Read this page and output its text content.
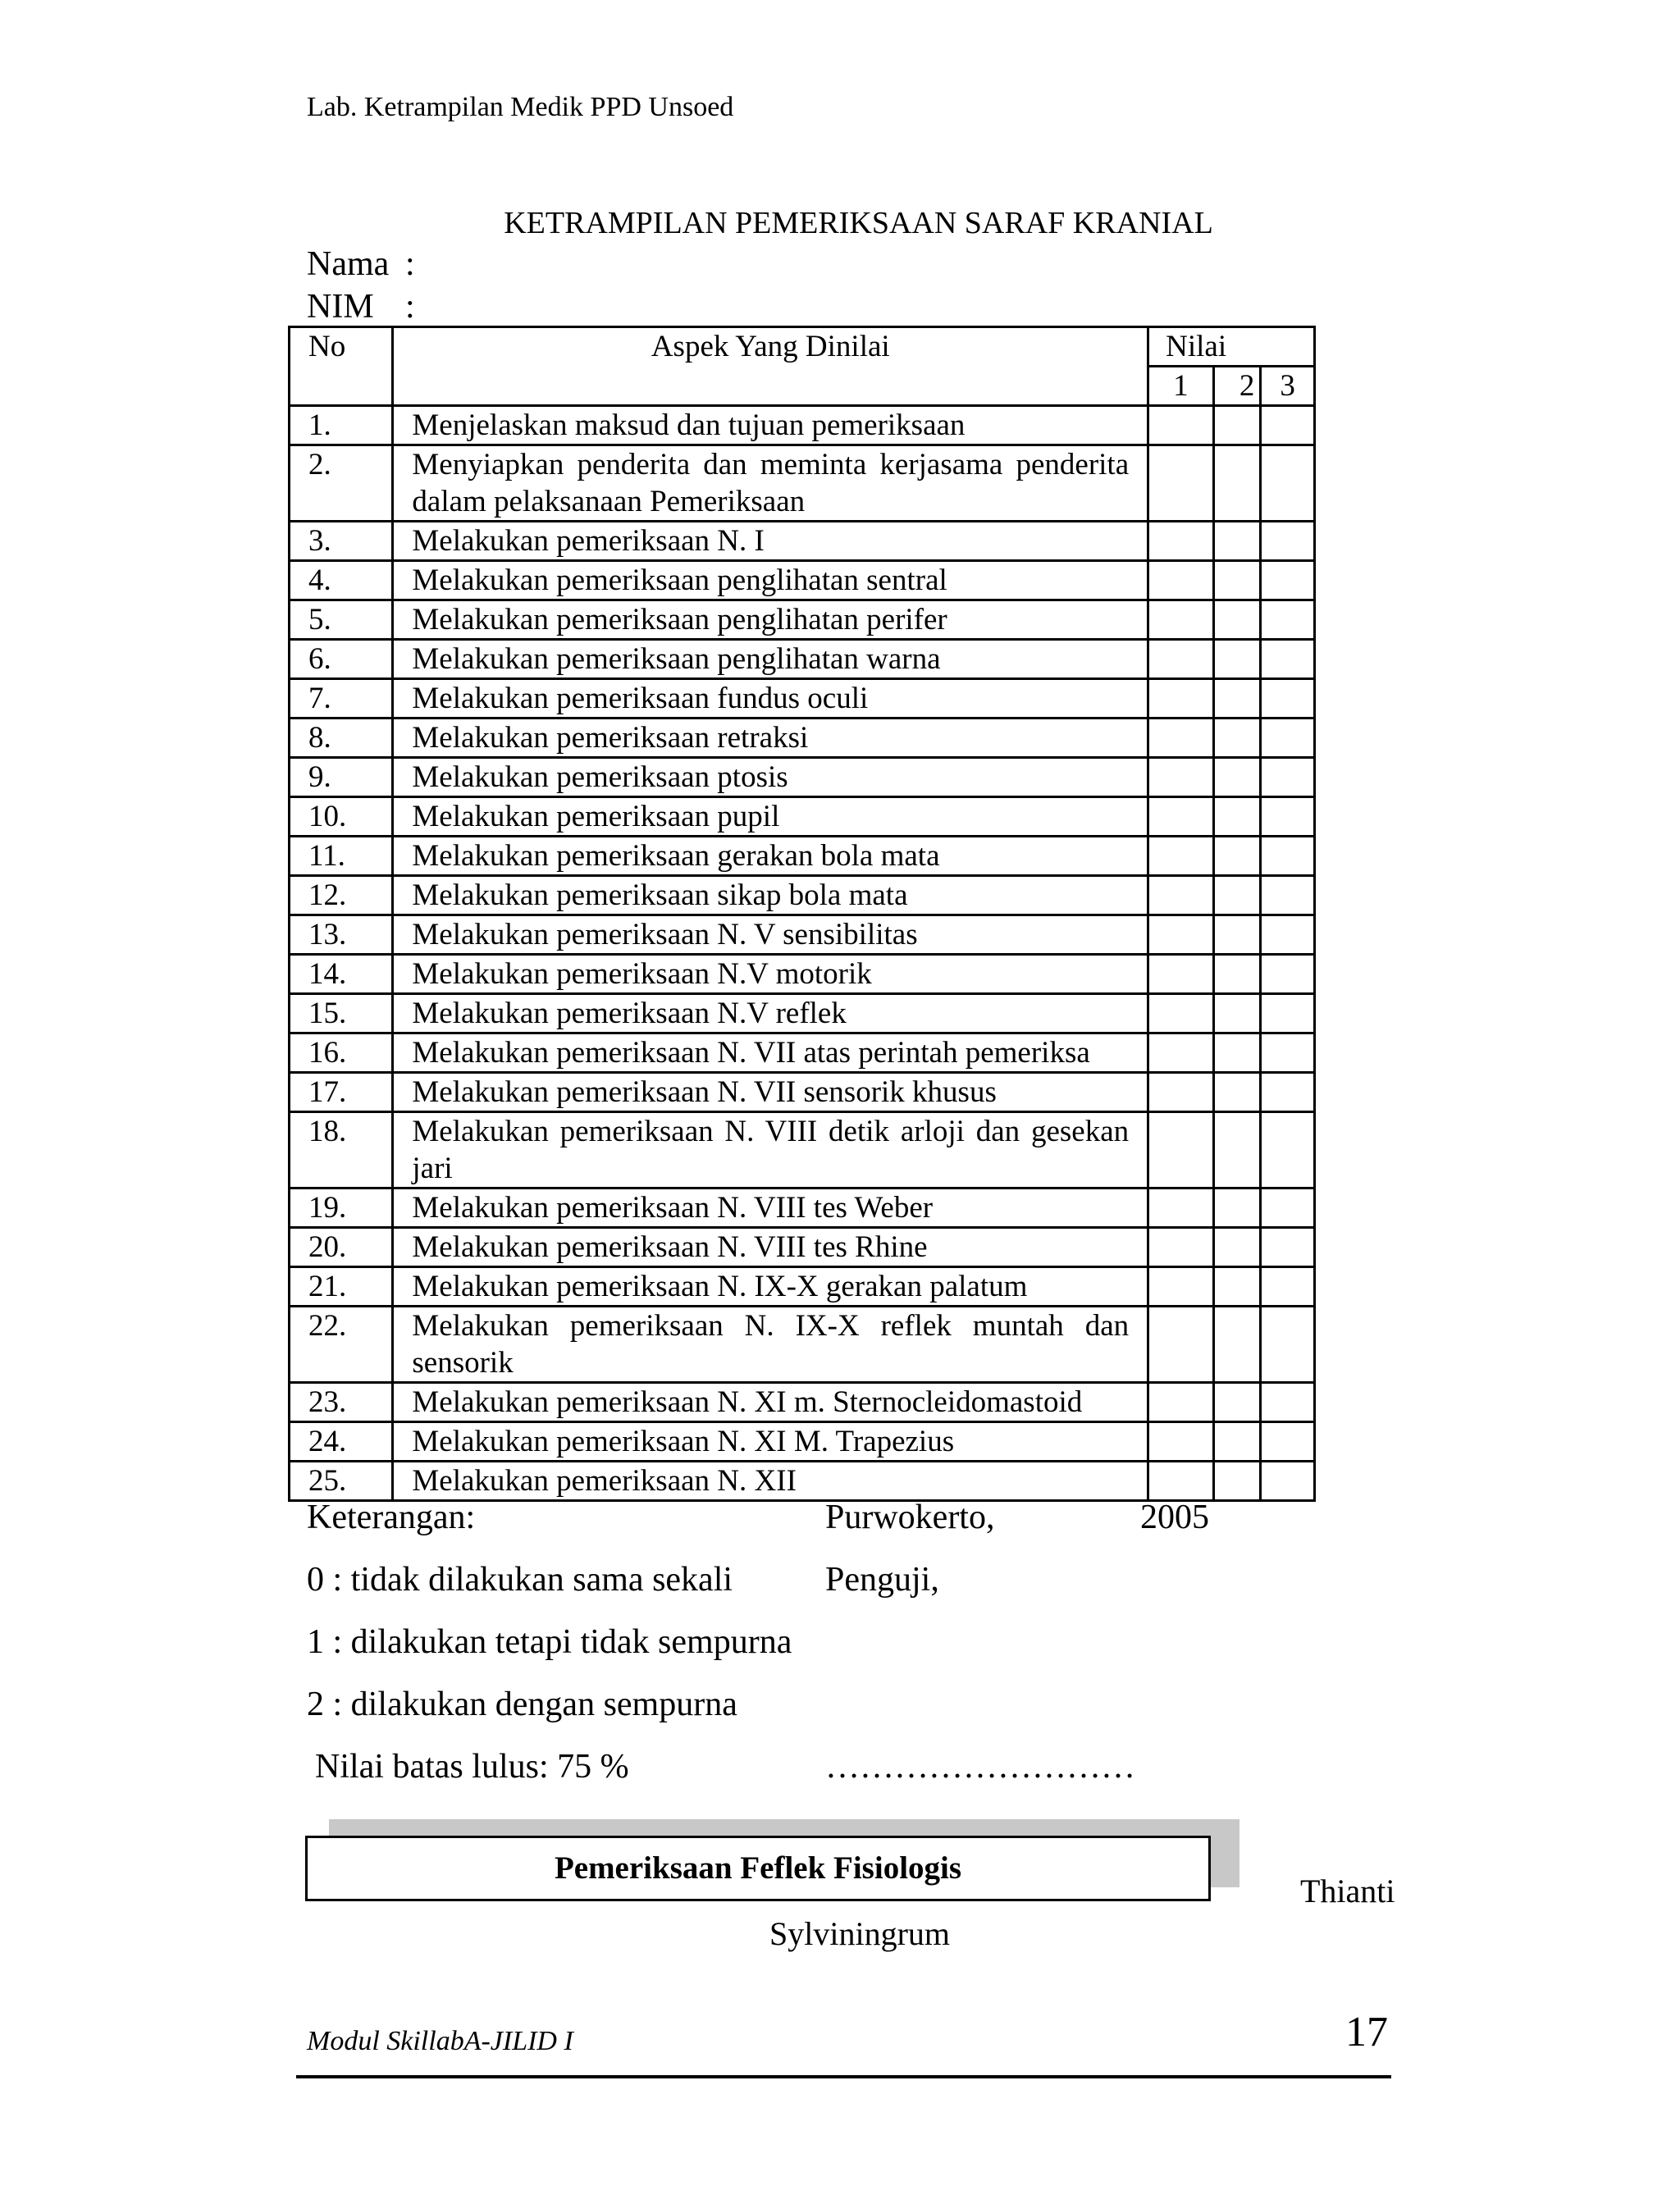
Lab. Ketrampilan Medik PPD Unsoed
KETRAMPILAN PEMERIKSAAN SARAF KRANIAL
Nama :
NIM :
No	Aspek Yang Dinilai	Nilai		
		1	2	3
1.	Menjelaskan maksud dan tujuan pemeriksaan			

2.	Menyiapkan penderita dan meminta kerjasama penderita dalam pelaksanaan Pemeriksaan			

3.	Melakukan pemeriksaan N. I			

4.	Melakukan pemeriksaan penglihatan sentral			

5.	Melakukan pemeriksaan penglihatan perifer			

6.	Melakukan pemeriksaan penglihatan warna			

7.	Melakukan pemeriksaan fundus oculi			

8.	Melakukan pemeriksaan retraksi			

9.	Melakukan pemeriksaan ptosis			

10.	Melakukan pemeriksaan pupil			

11.	Melakukan pemeriksaan gerakan bola mata			

12.	Melakukan pemeriksaan sikap bola mata			

13.	Melakukan pemeriksaan N. V sensibilitas			

14.	Melakukan pemeriksaan N.V motorik			

15.	Melakukan pemeriksaan N.V reflek			

16.	Melakukan pemeriksaan N. VII atas perintah pemeriksa			

17.	Melakukan pemeriksaan N. VII sensorik khusus			

18.	Melakukan pemeriksaan N. VIII detik arloji dan gesekan jari			

19.	Melakukan pemeriksaan N. VIII tes Weber			

20.	Melakukan pemeriksaan N. VIII tes Rhine			

21.	Melakukan pemeriksaan N. IX-X gerakan palatum			

22.	Melakukan pemeriksaan N. IX-X reflek muntah dan sensorik			

23.	Melakukan pemeriksaan N. XI m. Sternocleidomastoid			

24.	Melakukan pemeriksaan N. XI M. Trapezius			

25.	Melakukan pemeriksaan N. XII			

Keterangan:	Purwokerto,	2005
0 : tidak dilakukan sama sekali	Penguji,
1 : dilakukan tetapi tidak sempurna
2 : dilakukan dengan sempurna
Nilai batas lulus: 75 %	………………………
Pemeriksaan Feflek Fisiologis
Thianti
Sylviningrum
Modul SkillabA-JILID I	17
